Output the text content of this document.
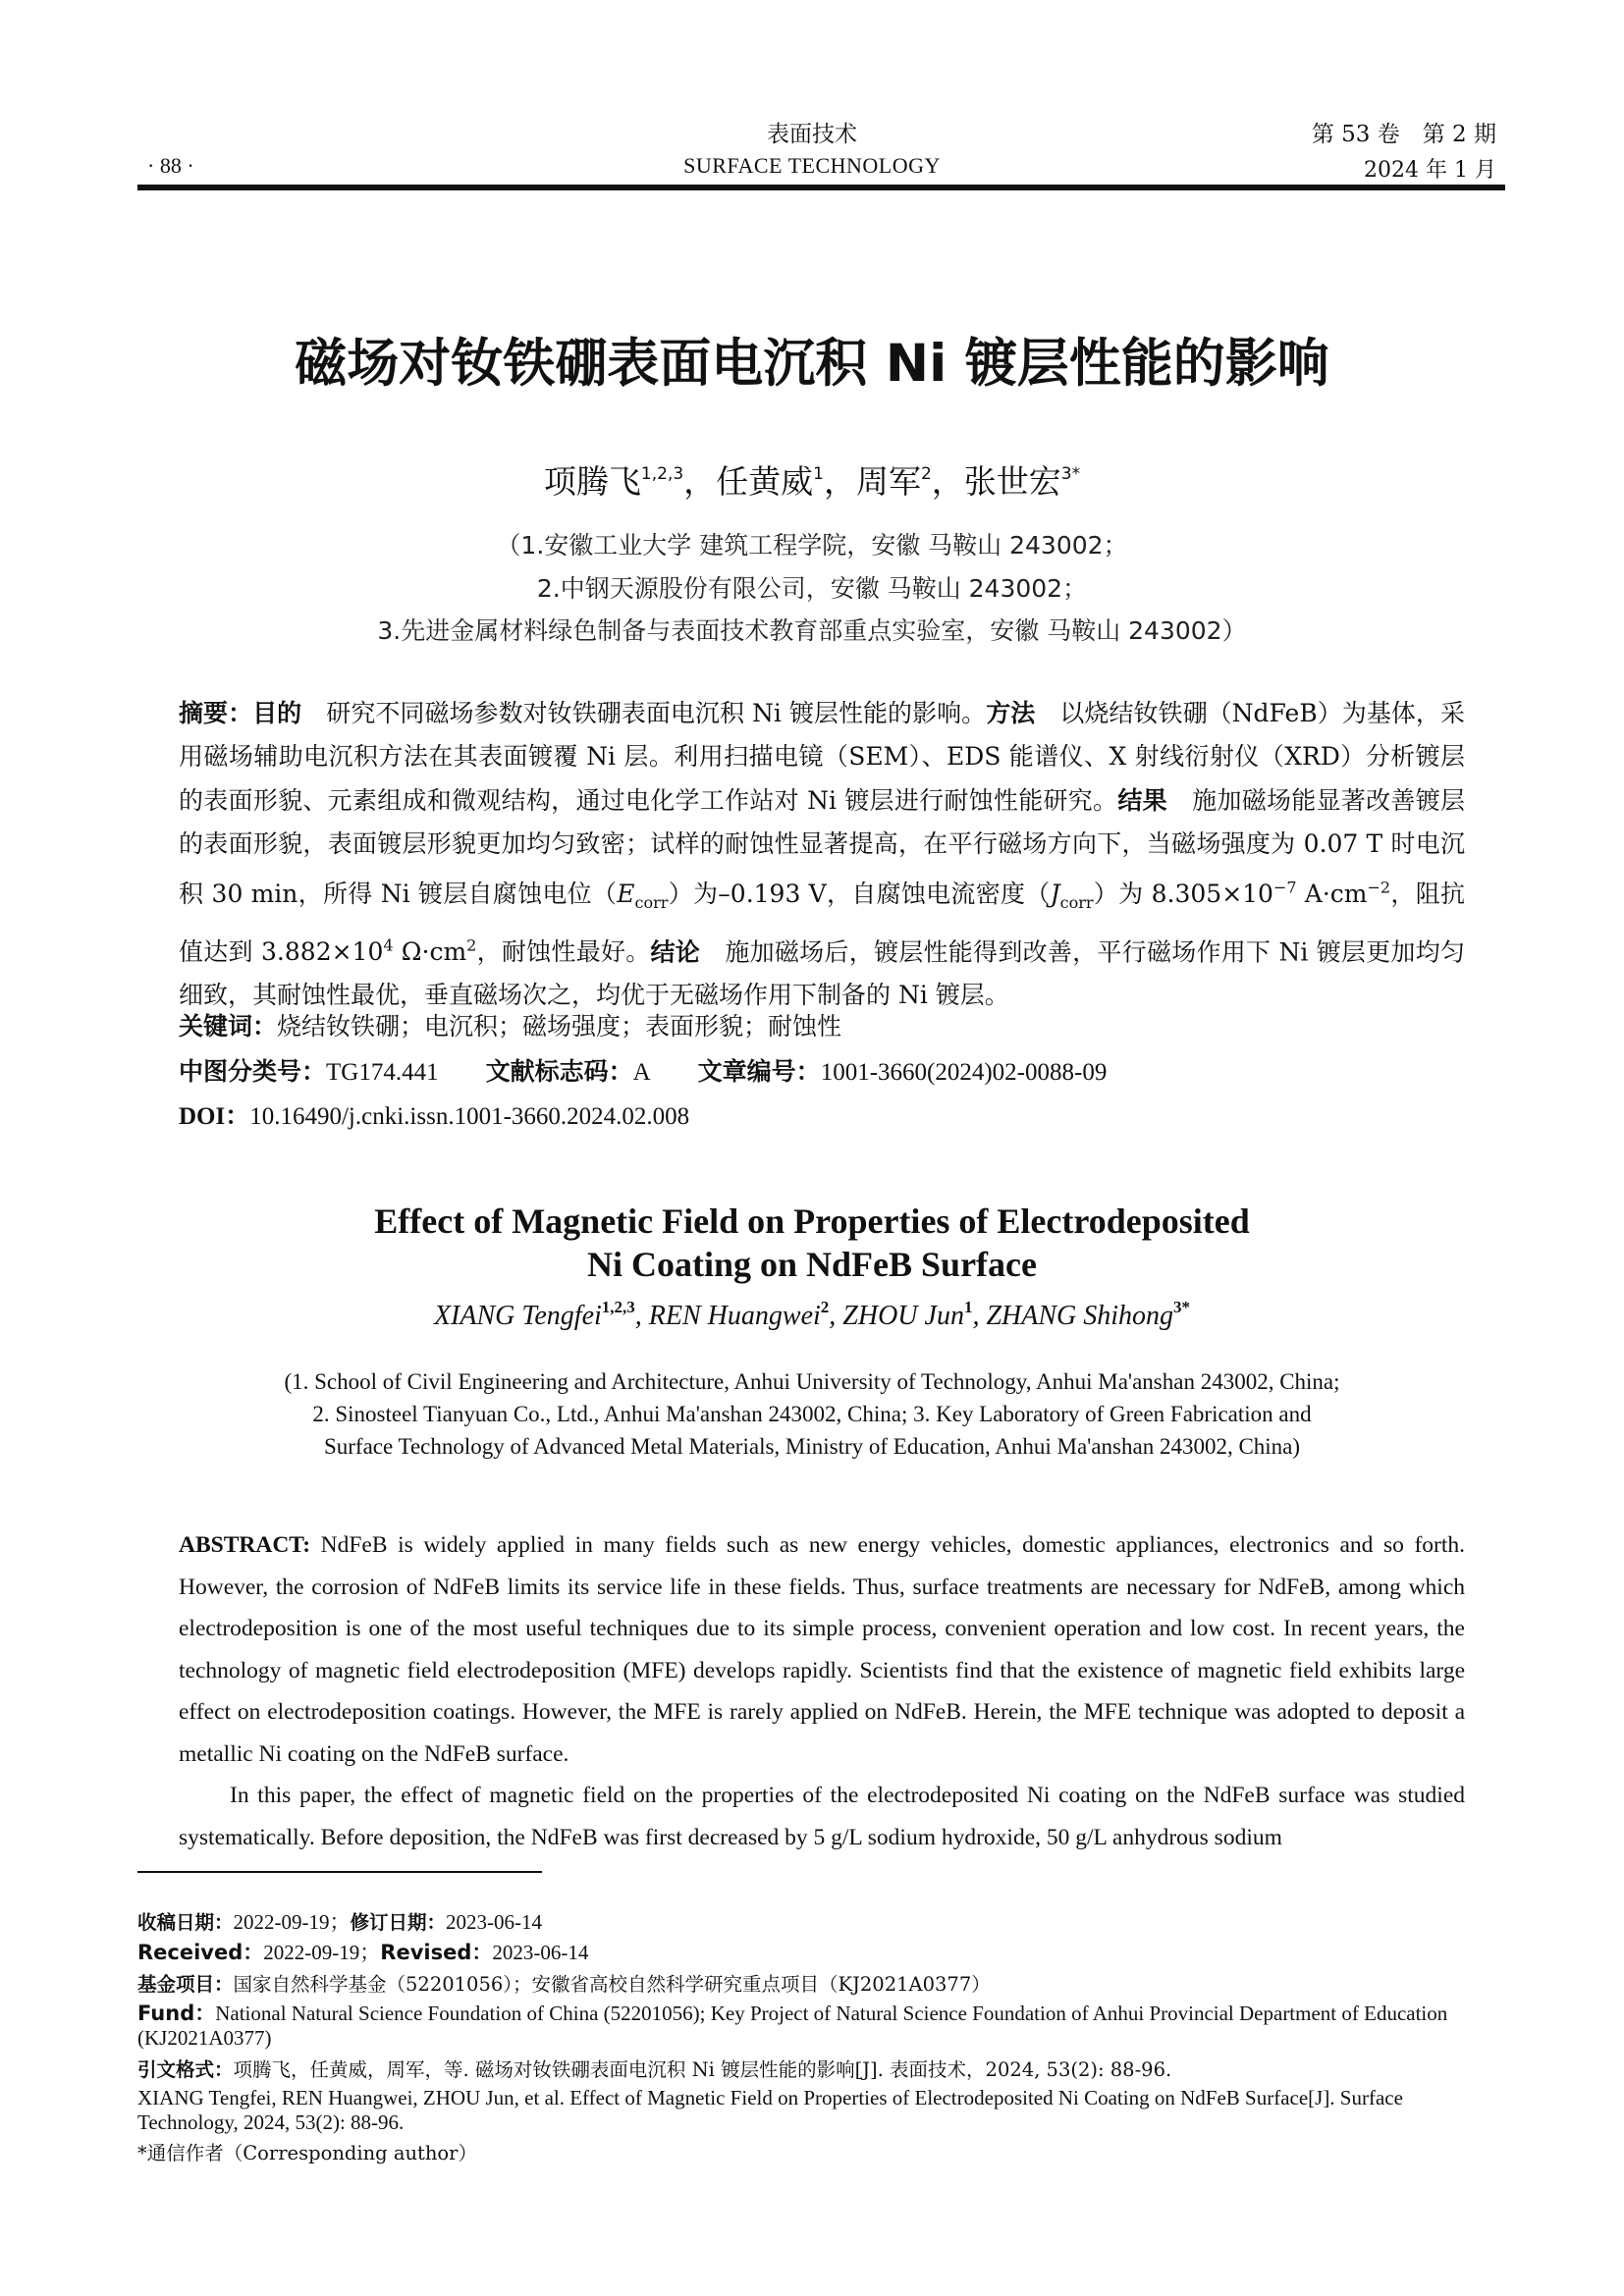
表面技术
SURFACE TECHNOLOGY
· 88 ·
第 53 卷　第 2 期
2024 年 1 月
磁场对钕铁硼表面电沉积 Ni 镀层性能的影响
项腾飞$^{1,2,3}$，任黄威$^1$，周军$^2$，张世宏$^{3*}$
（1.安徽工业大学 建筑工程学院，安徽 马鞍山 243002；
2.中钢天源股份有限公司，安徽 马鞍山 243002；
3.先进金属材料绿色制备与表面技术教育部重点实验室，安徽 马鞍山 243002）
摘要：目的　 研究不同磁场参数对钕铁硼表面电沉积 Ni 镀层性能的影响。方法　 以烧结钕铁硼（NdFeB）为基体，采用磁场辅助电沉积方法在其表面镀覆 Ni 层。利用扫描电镜（SEM）、EDS 能谱仪、X 射线衍射仪（XRD）分析镀层的表面形貌、元素组成和微观结构，通过电化学工作站对 Ni 镀层进行耐蚀性能研究。结果　 施加磁场能显著改善镀层的表面形貌，表面镀层形貌更加均匀致密；试样的耐蚀性显著提高，在平行磁场方向下，当磁场强度为 0.07 T 时电沉积 30 min，所得 Ni 镀层自腐蚀电位$(E_{corr})$为–0.193 V，自腐蚀电流密度$(J_{corr})$为 $8.305\times 10^{-7}$ $A\cdot cm^{-2}$，阻抗值达到 $3.882\times 10^4$ $\Omega\cdot cm^2$，耐蚀性最好。结论　 施加磁场后，镀层性能得到改善，平行磁场作用下 Ni 镀层更加均匀细致，其耐蚀性最优，垂直磁场次之，均优于无磁场作用下制备的 Ni 镀层。
关键词：烧结钕铁硼；电沉积；磁场强度；表面形貌；耐蚀性
中图分类号：TG174.441 文献标志码：A 文章编号：1001-3660(2024)02-0088-09
DOI：10.16490/j.cnki.issn.1001-3660.2024.02.008
Effect of Magnetic Field on Properties of Electrodeposited
Ni Coating on NdFeB Surface
XIANG Tengfei$^{1,2,3}$, REN Huangwei$^2$, ZHOU Jun$^1$, ZHANG Shihong$^{3*}$
(1. School of Civil Engineering and Architecture, Anhui University of Technology, Anhui Ma'anshan 243002, China;
2. Sinosteel Tianyuan Co., Ltd., Anhui Ma'anshan 243002, China; 3. Key Laboratory of Green Fabrication and
Surface Technology of Advanced Metal Materials, Ministry of Education, Anhui Ma'anshan 243002, China)

ABSTRACT: NdFeB is widely applied in many fields such as new energy vehicles, domestic appliances, electronics and so forth. However, the corrosion of NdFeB limits its service life in these fields. Thus, surface treatments are necessary for NdFeB, among which electrodeposition is one of the most useful techniques due to its simple process, convenient operation and low cost. In recent years, the technology of magnetic field electrodeposition (MFE) develops rapidly. Scientists find that the existence of magnetic field exhibits large effect on electrodeposition coatings. However, the MFE is rarely applied on NdFeB. Herein, the MFE technique was adopted to deposit a metallic Ni coating on the NdFeB surface.

In this paper, the effect of magnetic field on the properties of the electrodeposited Ni coating on the NdFeB surface was studied systematically. Before deposition, the NdFeB was first decreased by 5 g/L sodium hydroxide, 50 g/L anhydrous sodium

收稿日期：2022-09-19；修订日期：2023-06-14
Received：2022-09-19；Revised：2023-06-14
基金项目：国家自然科学基金（52201056）；安徽省高校自然科学研究重点项目（KJ2021A0377）
Fund：National Natural Science Foundation of China (52201056); Key Project of Natural Science Foundation of Anhui Provincial Department of Education (KJ2021A0377)
引文格式：项腾飞，任黄威，周军，等. 磁场对钕铁硼表面电沉积 Ni 镀层性能的影响[J]. 表面技术，2024, 53(2): 88-96.
XIANG Tengfei, REN Huangwei, ZHOU Jun, et al. Effect of Magnetic Field on Properties of Electrodeposited Ni Coating on NdFeB Surface[J]. Surface Technology, 2024, 53(2): 88-96.
*通信作者（Corresponding author）
